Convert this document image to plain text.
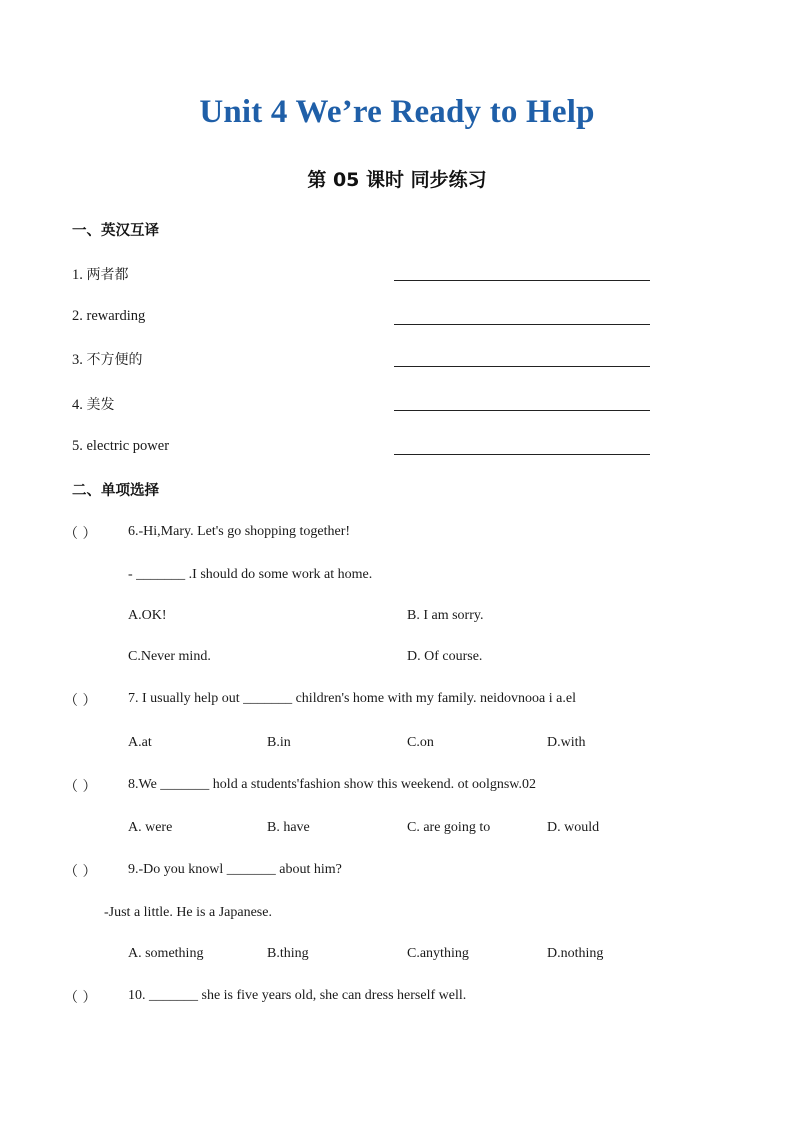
Unit 4 We’re Ready to Help
第 05 课时 同步练习
一、英汉互译
1. 两者都
2. rewarding
3. 不方便的
4. 美发
5. electric power
二、单项选择
（ ） 6.-Hi,Mary. Let's go shopping together!
- _______ .I should do some work at home.
A.OK!	B. I am sorry.
C.Never mind.	D. Of course.
（ ） 7. I usually help out _______ children's home with my family. neidovnooa i a.el
A.at	B.in	C.on	D.with
（ ） 8.We _______ hold a students'fashion show this weekend. ot oolgnsw.02
A. were	B. have	C. are going to	D. would
（ ） 9.-Do you knowl _______ about him?
-Just a little. He is a Japanese.
A. something	B.thing	C.anything	D.nothing
（ ） 10. _______ she is five years old, she can dress herself well.
